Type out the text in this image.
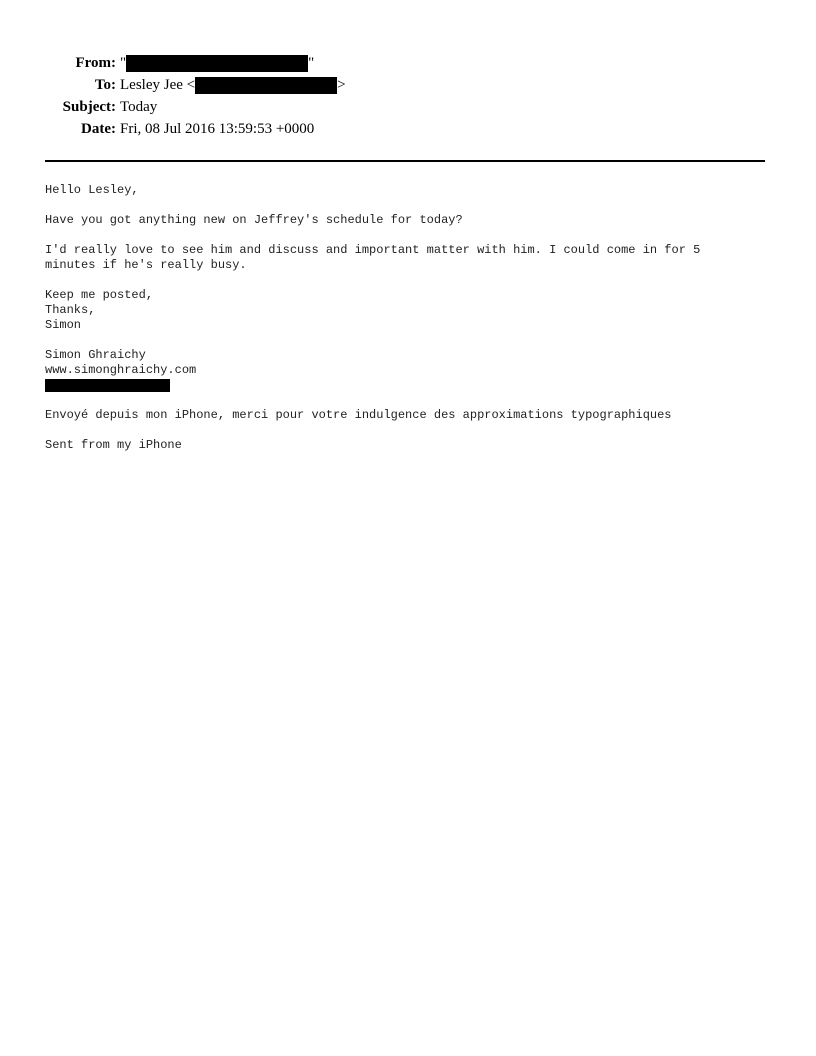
From: "	"
To: Lesley Jee <	>
Subject: Today
Date: Fri, 08 Jul 2016 13:59:53 +0000
Hello Lesley,
Have you got anything new on Jeffrey's schedule for today?
I'd really love to see him and discuss and important matter with him. I could come in for 5
minutes if he's really busy.
Keep me posted,
Thanks,
Simon
Simon Ghraichy
www.simonghraichy.com
Envoyé depuis mon iPhone, merci pour votre indulgence des approximations typographiques
Sent from my iPhone
